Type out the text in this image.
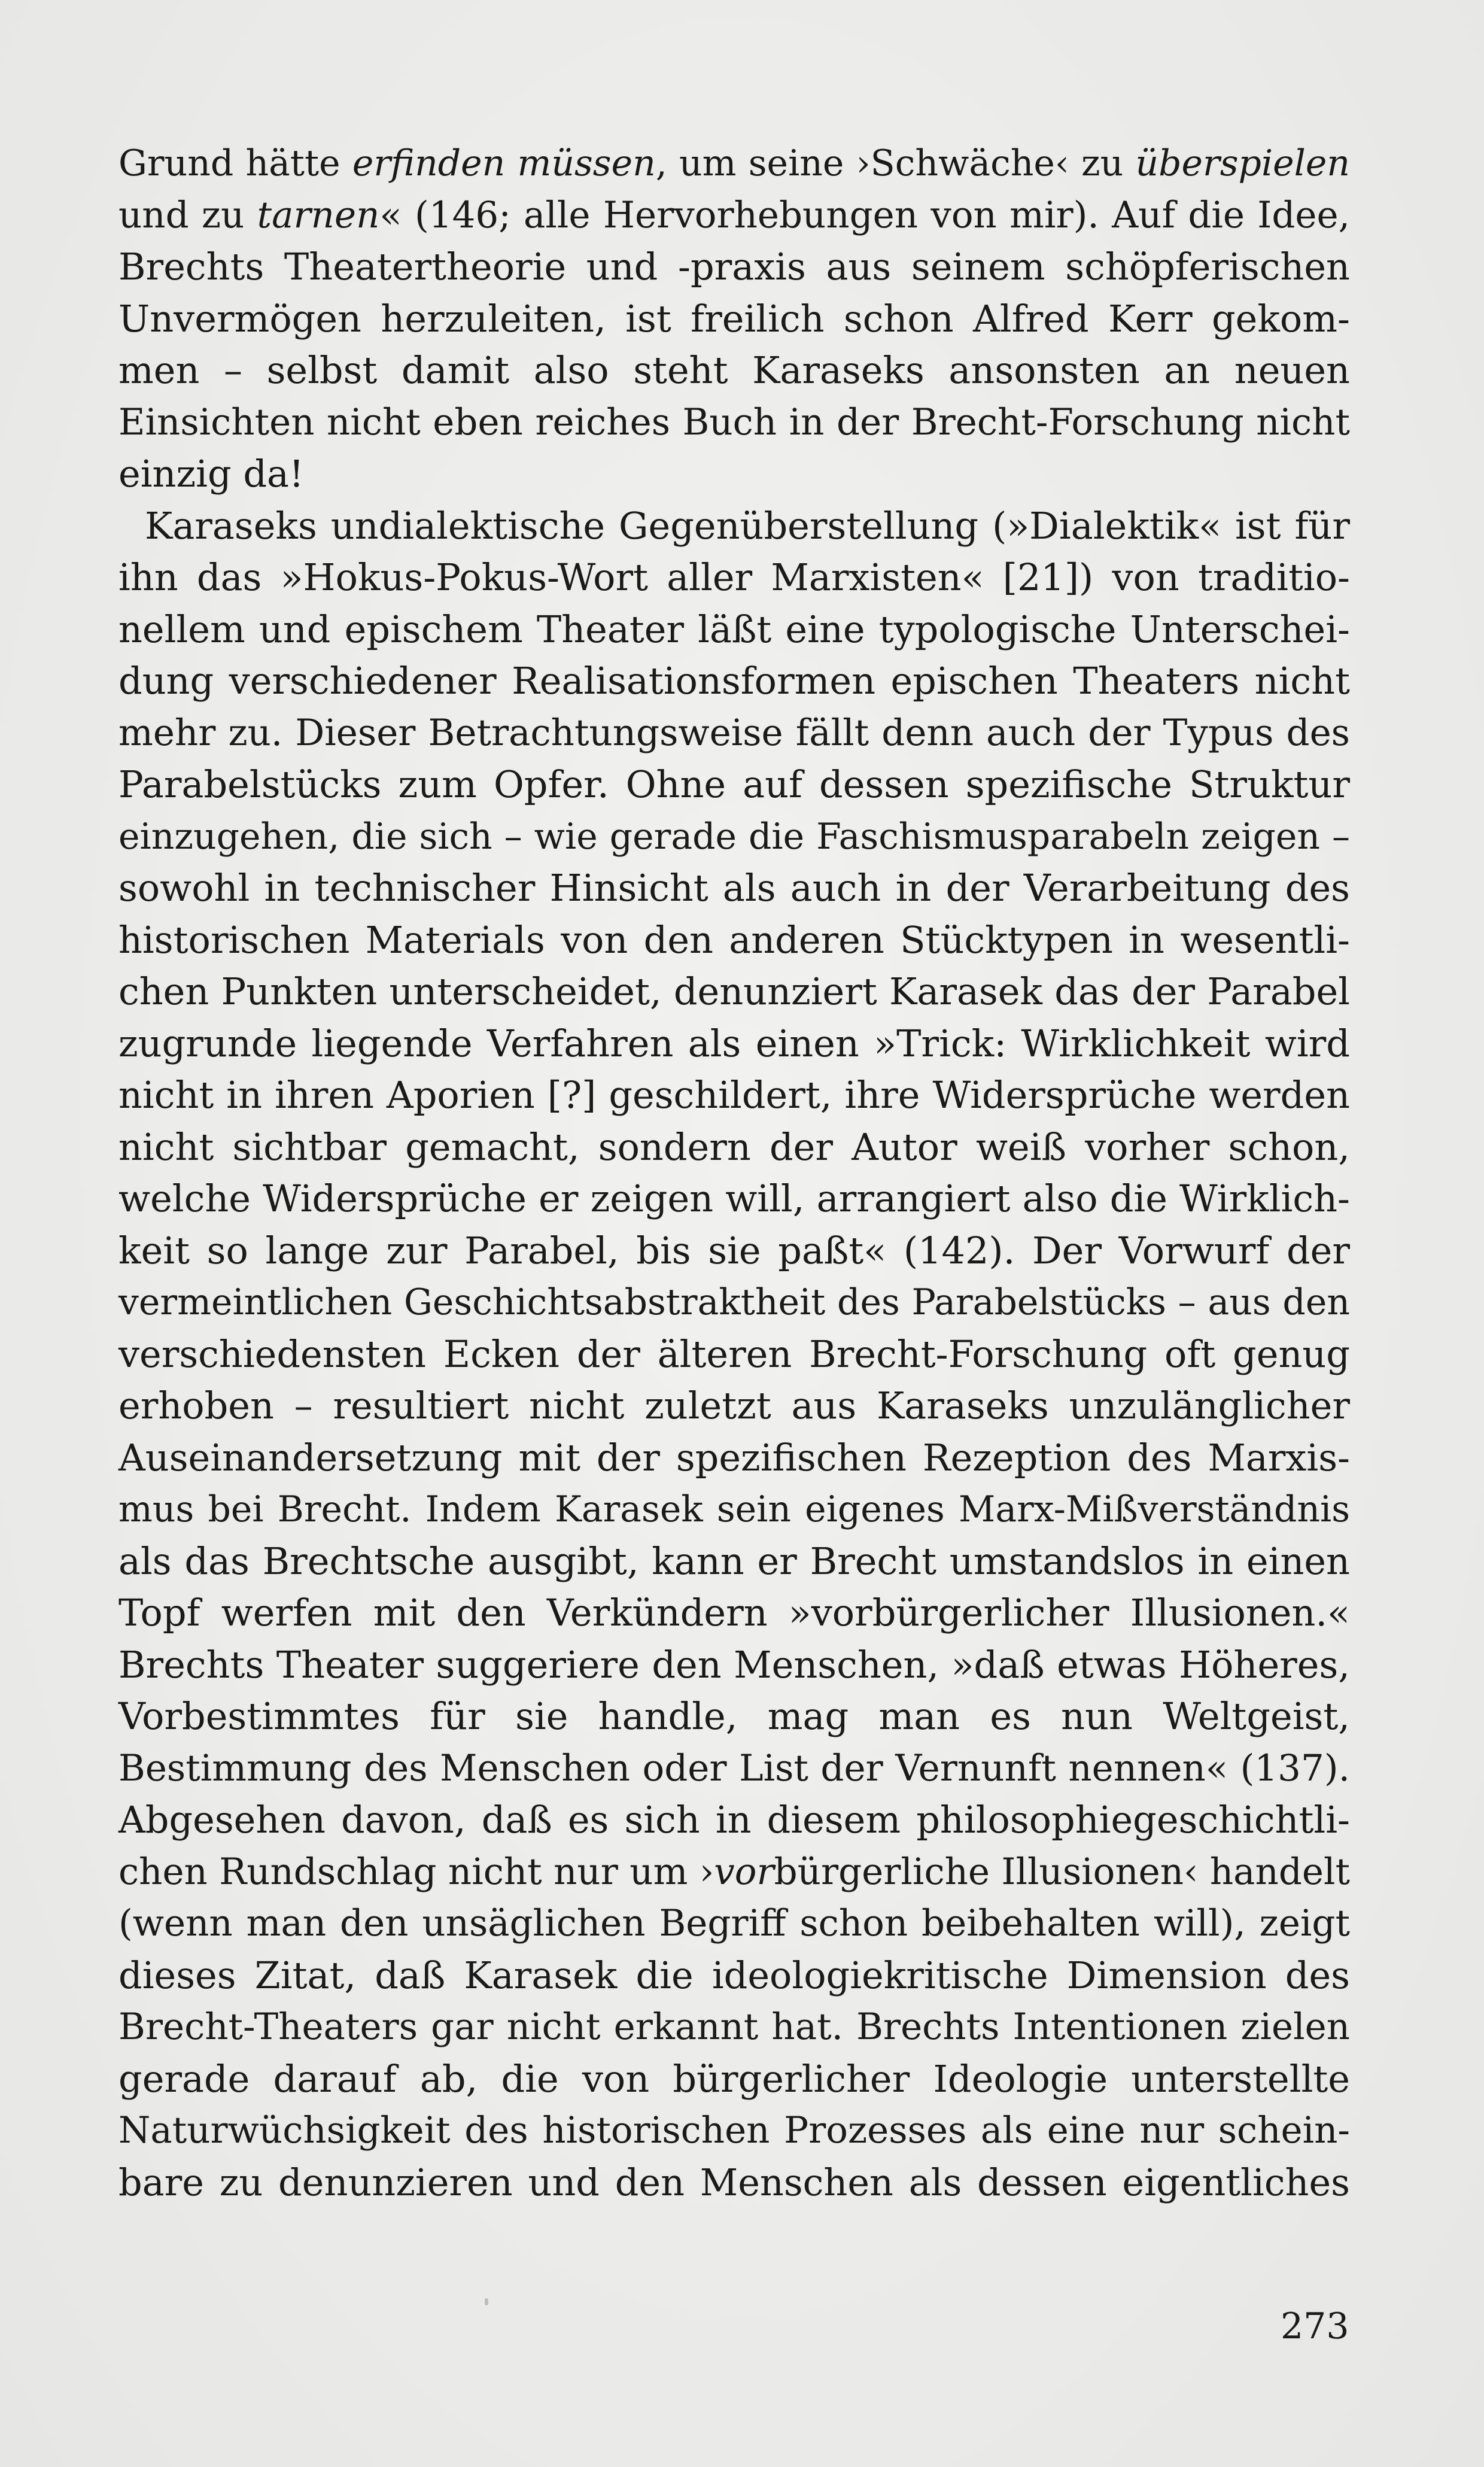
Grund hätte erfinden müssen, um seine ›Schwäche‹ zu überspielen
und zu tarnen« (146; alle Hervorhebungen von mir). Auf die Idee,
Brechts Theatertheorie und -praxis aus seinem schöpferischen
Unvermögen herzuleiten, ist freilich schon Alfred Kerr gekom-
men – selbst damit also steht Karaseks ansonsten an neuen
Einsichten nicht eben reiches Buch in der Brecht-Forschung nicht
einzig da!
Karaseks undialektische Gegenüberstellung (»Dialektik« ist für
ihn das »Hokus-Pokus-Wort aller Marxisten« [21]) von traditio-
nellem und epischem Theater läßt eine typologische Unterschei-
dung verschiedener Realisationsformen epischen Theaters nicht
mehr zu. Dieser Betrachtungsweise fällt denn auch der Typus des
Parabelstücks zum Opfer. Ohne auf dessen spezifische Struktur
einzugehen, die sich – wie gerade die Faschismusparabeln zeigen –
sowohl in technischer Hinsicht als auch in der Verarbeitung des
historischen Materials von den anderen Stücktypen in wesentli-
chen Punkten unterscheidet, denunziert Karasek das der Parabel
zugrunde liegende Verfahren als einen »Trick: Wirklichkeit wird
nicht in ihren Aporien [?] geschildert, ihre Widersprüche werden
nicht sichtbar gemacht, sondern der Autor weiß vorher schon,
welche Widersprüche er zeigen will, arrangiert also die Wirklich-
keit so lange zur Parabel, bis sie paßt« (142). Der Vorwurf der
vermeintlichen Geschichtsabstraktheit des Parabelstücks – aus den
verschiedensten Ecken der älteren Brecht-Forschung oft genug
erhoben – resultiert nicht zuletzt aus Karaseks unzulänglicher
Auseinandersetzung mit der spezifischen Rezeption des Marxis-
mus bei Brecht. Indem Karasek sein eigenes Marx-Mißverständnis
als das Brechtsche ausgibt, kann er Brecht umstandslos in einen
Topf werfen mit den Verkündern »vorbürgerlicher Illusionen.«
Brechts Theater suggeriere den Menschen, »daß etwas Höheres,
Vorbestimmtes für sie handle, mag man es nun Weltgeist,
Bestimmung des Menschen oder List der Vernunft nennen« (137).
Abgesehen davon, daß es sich in diesem philosophiegeschichtli-
chen Rundschlag nicht nur um ›vorbürgerliche Illusionen‹ handelt
(wenn man den unsäglichen Begriff schon beibehalten will), zeigt
dieses Zitat, daß Karasek die ideologiekritische Dimension des
Brecht-Theaters gar nicht erkannt hat. Brechts Intentionen zielen
gerade darauf ab, die von bürgerlicher Ideologie unterstellte
Naturwüchsigkeit des historischen Prozesses als eine nur schein-
bare zu denunzieren und den Menschen als dessen eigentliches
273
